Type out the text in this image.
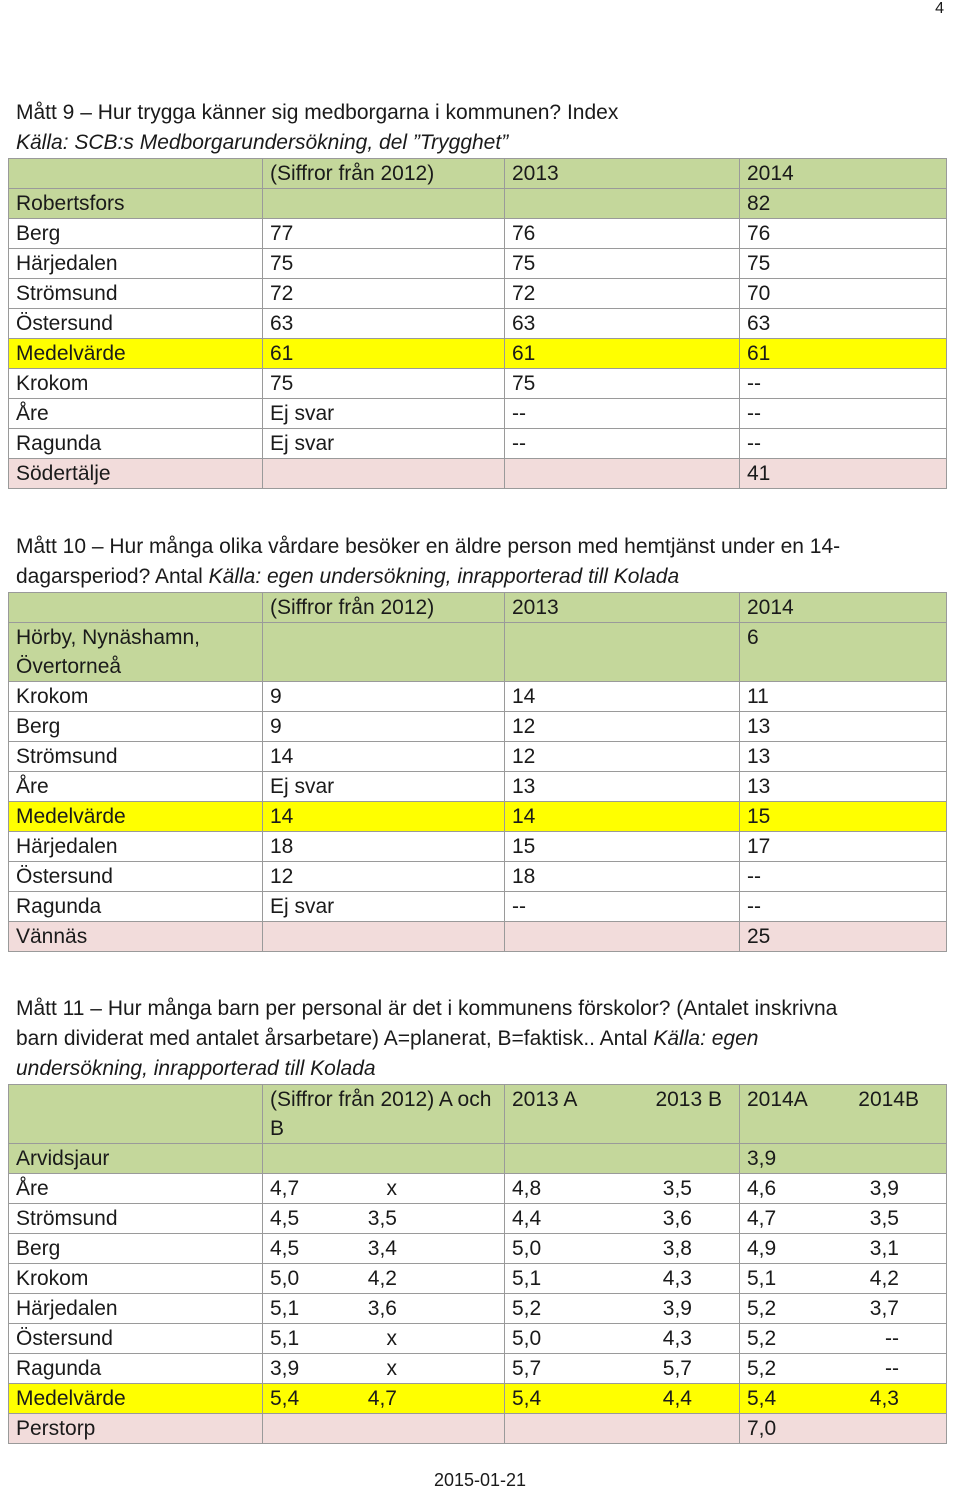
4

Mått 9 – Hur trygga känner sig medborgarna i kommunen? Index

Källa: SCB:s Medborgarundersökning, del ”Trygghet”

	(Siffror från 2012)	2013	2014
Robertsfors			82
Berg	77	76	76
Härjedalen	75	75	75
Strömsund	72	72	70
Östersund	63	63	63
Medelvärde	61	61	61
Krokom	75	75	--
Åre	Ej svar	--	--
Ragunda	Ej svar	--	--
Södertälje			41

Mått 10 – Hur många olika vårdare besöker en äldre person med hemtjänst under en 14-

dagarsperiod? Antal Källa: egen undersökning, inrapporterad till Kolada

	(Siffror från 2012)	2013	2014
Hörby, Nynäshamn, Övertorneå			6
Krokom	9	14	11
Berg	9	12	13
Strömsund	14	12	13
Åre	Ej svar	13	13
Medelvärde	14	14	15
Härjedalen	18	15	17
Östersund	12	18	--
Ragunda	Ej svar	--	--
Vännäs			25

Mått 11 – Hur många barn per personal är det i kommunens förskolor? (Antalet inskrivna

barn dividerat med antalet årsarbetare) A=planerat, B=faktisk.. Antal Källa: egen

undersökning, inrapporterad till Kolada

	(Siffror från 2012) A och B	2013 A 2013 B	2014A 2014B

Arvidsjaur			3,9
Åre	4,7 x	4,8 3,5	4,6 3,9

Strömsund	4,5 3,5	4,4 3,6	4,7 3,5

Berg	4,5 3,4	5,0 3,8	4,9 3,1

Krokom	5,0 4,2	5,1 4,3	5,1 4,2

Härjedalen	5,1 3,6	5,2 3,9	5,2 3,7

Östersund	5,1 x	5,0 4,3	5,2 --

Ragunda	3,9 x	5,7 5,7	5,2 --

Medelvärde	5,4 4,7	5,4 4,4	5,4 4,3

Perstorp			7,0
2015-01-21
